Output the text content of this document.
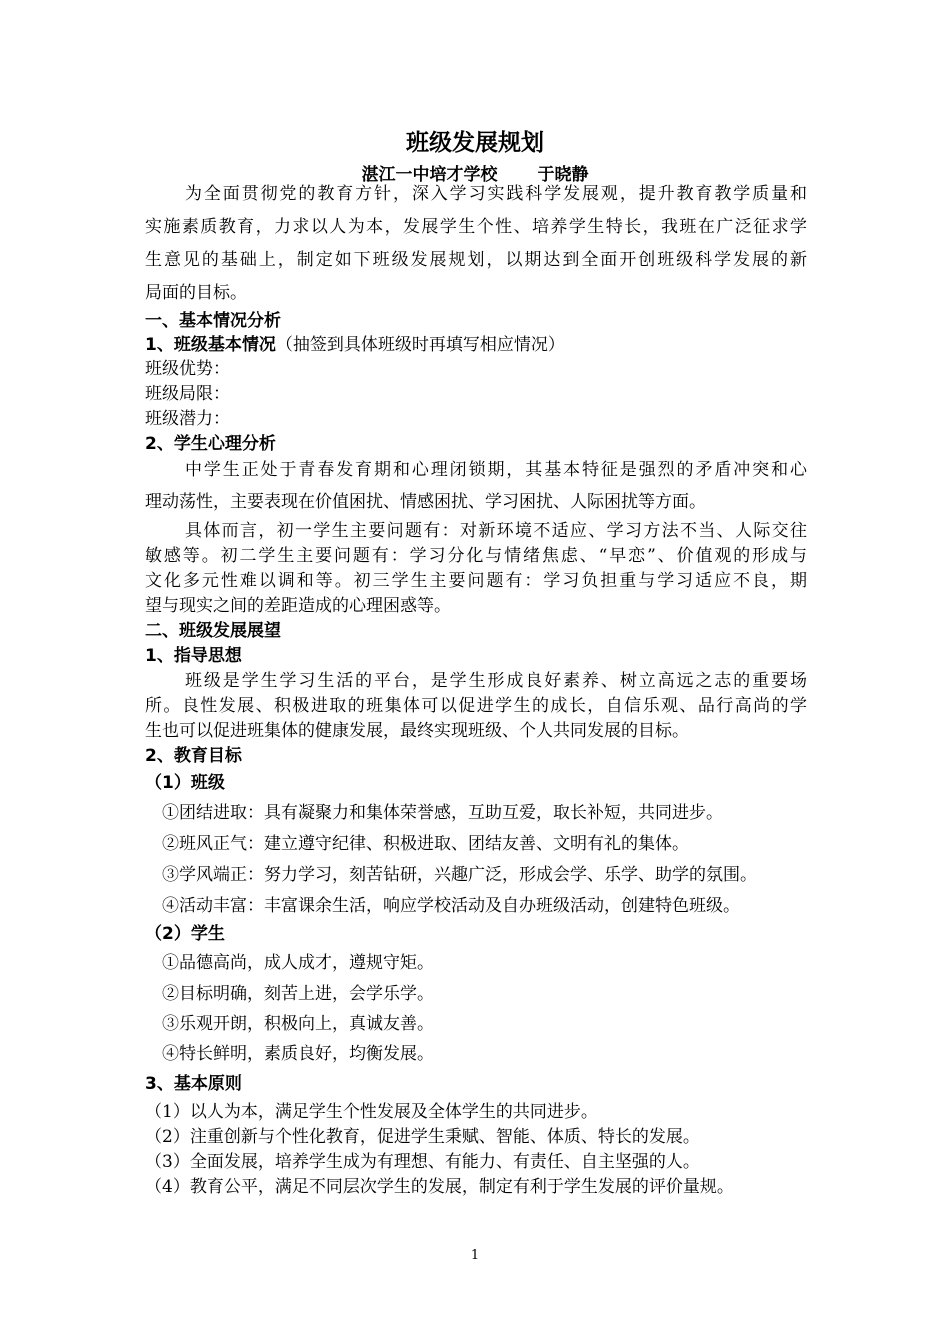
班级发展规划
湛江一中培才学校 于晓静
为全面贯彻党的教育方针，深入学习实践科学发展观，提升教育教学质量和
实施素质教育，力求以人为本，发展学生个性、培养学生特长，我班在广泛征求学
生意见的基础上，制定如下班级发展规划，以期达到全面开创班级科学发展的新
局面的目标。
一、基本情况分析
1、班级基本情况（抽签到具体班级时再填写相应情况）
班级优势：
班级局限：
班级潜力：
2、学生心理分析
中学生正处于青春发育期和心理闭锁期，其基本特征是强烈的矛盾冲突和心
理动荡性，主要表现在价值困扰、情感困扰、学习困扰、人际困扰等方面。
具体而言，初一学生主要问题有：对新环境不适应、学习方法不当、人际交往
敏感等。初二学生主要问题有：学习分化与情绪焦虑、“早恋”、价值观的形成与
文化多元性难以调和等。初三学生主要问题有：学习负担重与学习适应不良，期
望与现实之间的差距造成的心理困惑等。
二、班级发展展望
1、指导思想
班级是学生学习生活的平台，是学生形成良好素养、树立高远之志的重要场
所。良性发展、积极进取的班集体可以促进学生的成长，自信乐观、品行高尚的学
生也可以促进班集体的健康发展，最终实现班级、个人共同发展的目标。
2、教育目标
（1）班级
①团结进取：具有凝聚力和集体荣誉感，互助互爱，取长补短，共同进步。
②班风正气：建立遵守纪律、积极进取、团结友善、文明有礼的集体。
③学风端正：努力学习，刻苦钻研，兴趣广泛，形成会学、乐学、助学的氛围。
④活动丰富：丰富课余生活，响应学校活动及自办班级活动，创建特色班级。
（2）学生
①品德高尚，成人成才，遵规守矩。
②目标明确，刻苦上进，会学乐学。
③乐观开朗，积极向上，真诚友善。
④特长鲜明，素质良好，均衡发展。
3、基本原则
（1）以人为本，满足学生个性发展及全体学生的共同进步。
（2）注重创新与个性化教育，促进学生秉赋、智能、体质、特长的发展。
（3）全面发展，培养学生成为有理想、有能力、有责任、自主坚强的人。
（4）教育公平，满足不同层次学生的发展，制定有利于学生发展的评价量规。
1
